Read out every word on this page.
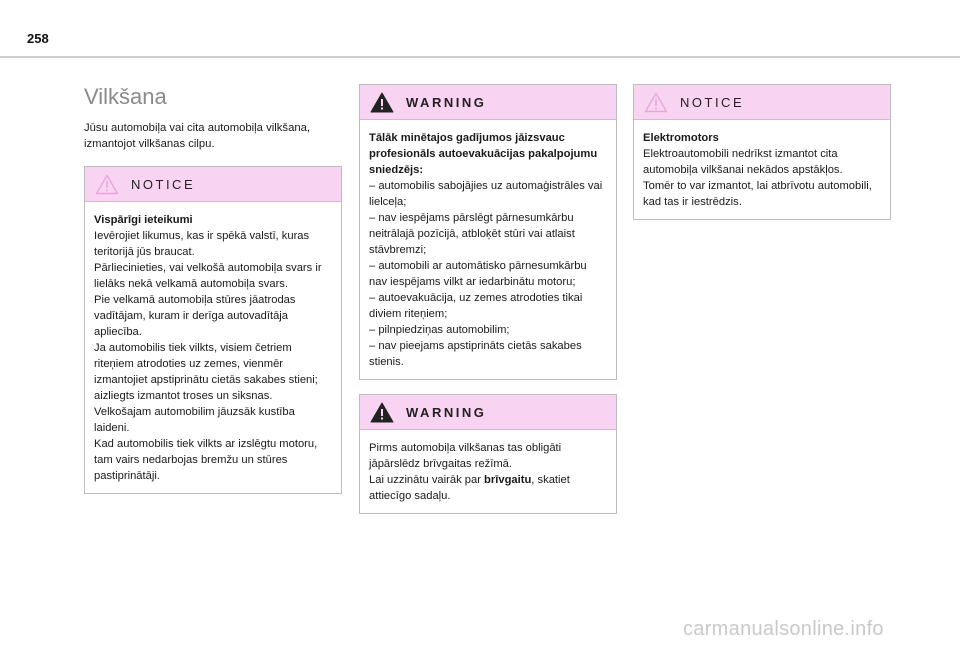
258
Vilkšana

Jūsu automobiļa vai cita automobiļa vilkšana, izmantojot vilkšanas cilpu.

NOTICE
Vispārīgi ieteikumi
Ievērojiet likumus, kas ir spēkā valstī, kuras teritorijā jūs braucat.
Pārliecinieties, vai velkošā automobiļa svars ir lielāks nekā velkamā automobiļa svars.
Pie velkamā automobiļa stūres jāatrodas vadītājam, kuram ir derīga autovadītāja apliecība.
Ja automobilis tiek vilkts, visiem četriem riteņiem atrodoties uz zemes, vienmēr izmantojiet apstiprinātu cietās sakabes stieni; aizliegts izmantot troses un siksnas.
Velkošajam automobilim jāuzsāk kustība laideni.
Kad automobilis tiek vilkts ar izslēgtu motoru, tam vairs nedarbojas bremžu un stūres pastiprinātāji.
WARNING
Tālāk minētajos gadījumos jāizsvauc profesionāls autoevakuācijas pakalpojumu sniedzējs:
– automobilis sabojājies uz automaģistrāles vai lielceļa;
– nav iespējams pārslēgt pārnesumkārbu neitrālajā pozīcijā, atbloķēt stūri vai atlaist stāvbremzi;
– automobili ar automātisko pārnesumkārbu nav iespējams vilkt ar iedarbinātu motoru;
– autoevakuācija, uz zemes atrodoties tikai diviem riteņiem;
– pilnpiedziņas automobilim;
– nav pieejams apstiprināts cietās sakabes stienis.
WARNING
Pirms automobiļa vilkšanas tas obligāti jāpārslēdz brīvgaitas režīmā.
Lai uzzinātu vairāk par brīvgaitu, skatiet attiecīgo sadaļu.
NOTICE
Elektromotors
Elektroautomobili nedrīkst izmantot cita automobiļa vilkšanai nekādos apstākļos.
Tomēr to var izmantot, lai atbrīvotu automobili, kad tas ir iestrēdzis.
carmanualsonline.info
